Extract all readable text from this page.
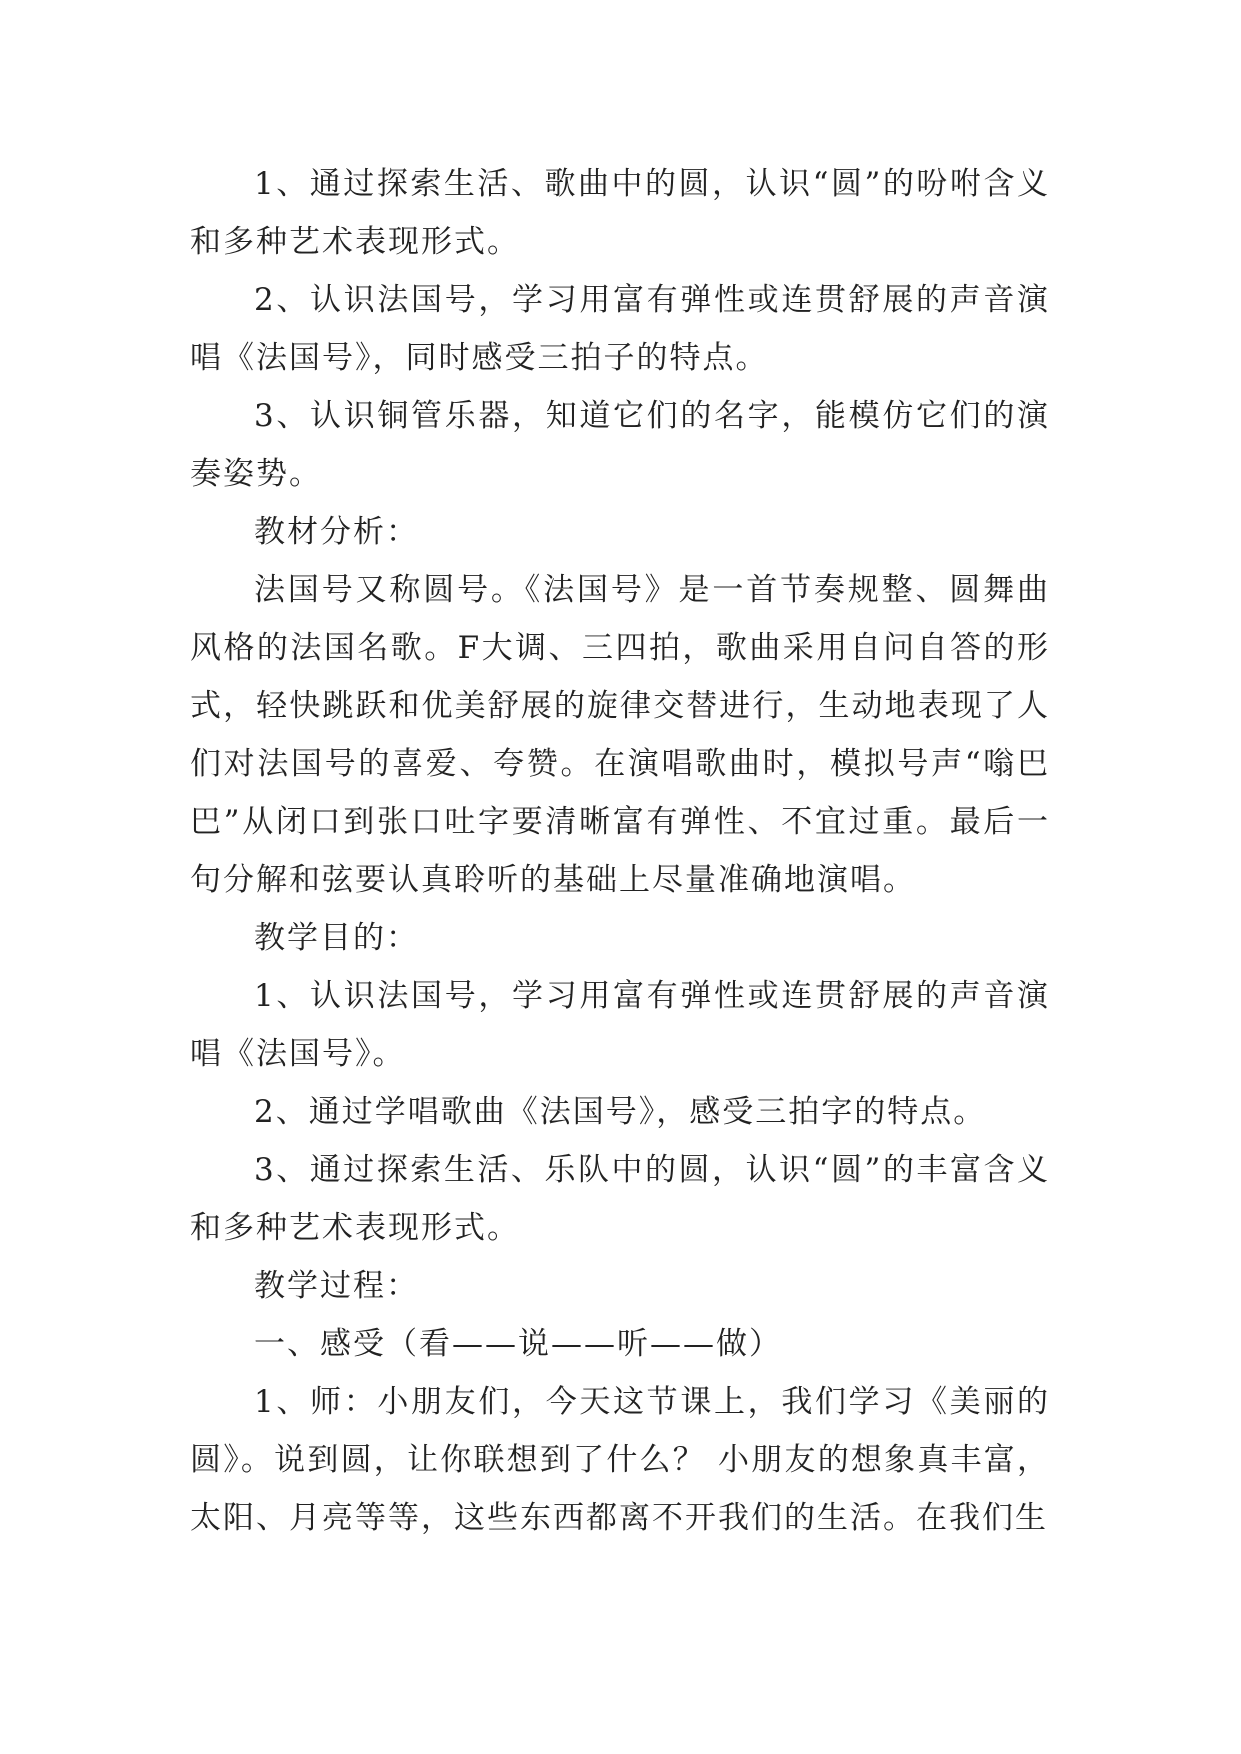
1、通过探索生活、歌曲中的圆，认识“圆”的吩咐含义和多种艺术表现形式。

2、认识法国号，学习用富有弹性或连贯舒展的声音演唱《法国号》，同时感受三拍子的特点。

3、认识铜管乐器，知道它们的名字，能模仿它们的演奏姿势。

教材分析：

法国号又称圆号。《法国号》是一首节奏规整、圆舞曲风格的法国名歌。F大调、三四拍，歌曲采用自问自答的形式，轻快跳跃和优美舒展的旋律交替进行，生动地表现了人们对法国号的喜爱、夸赞。在演唱歌曲时，模拟号声“嗡巴巴”从闭口到张口吐字要清晰富有弹性、不宜过重。最后一句分解和弦要认真聆听的基础上尽量准确地演唱。

教学目的：

1、认识法国号，学习用富有弹性或连贯舒展的声音演唱《法国号》。

2、通过学唱歌曲《法国号》，感受三拍字的特点。

3、通过探索生活、乐队中的圆，认识“圆”的丰富含义和多种艺术表现形式。

教学过程：

一、感受（看——说——听——做）

1、师：小朋友们，今天这节课上，我们学习《美丽的圆》。说到圆，让你联想到了什么？ 小朋友的想象真丰富，太阳、月亮等等，这些东西都离不开我们的生活。在我们生
